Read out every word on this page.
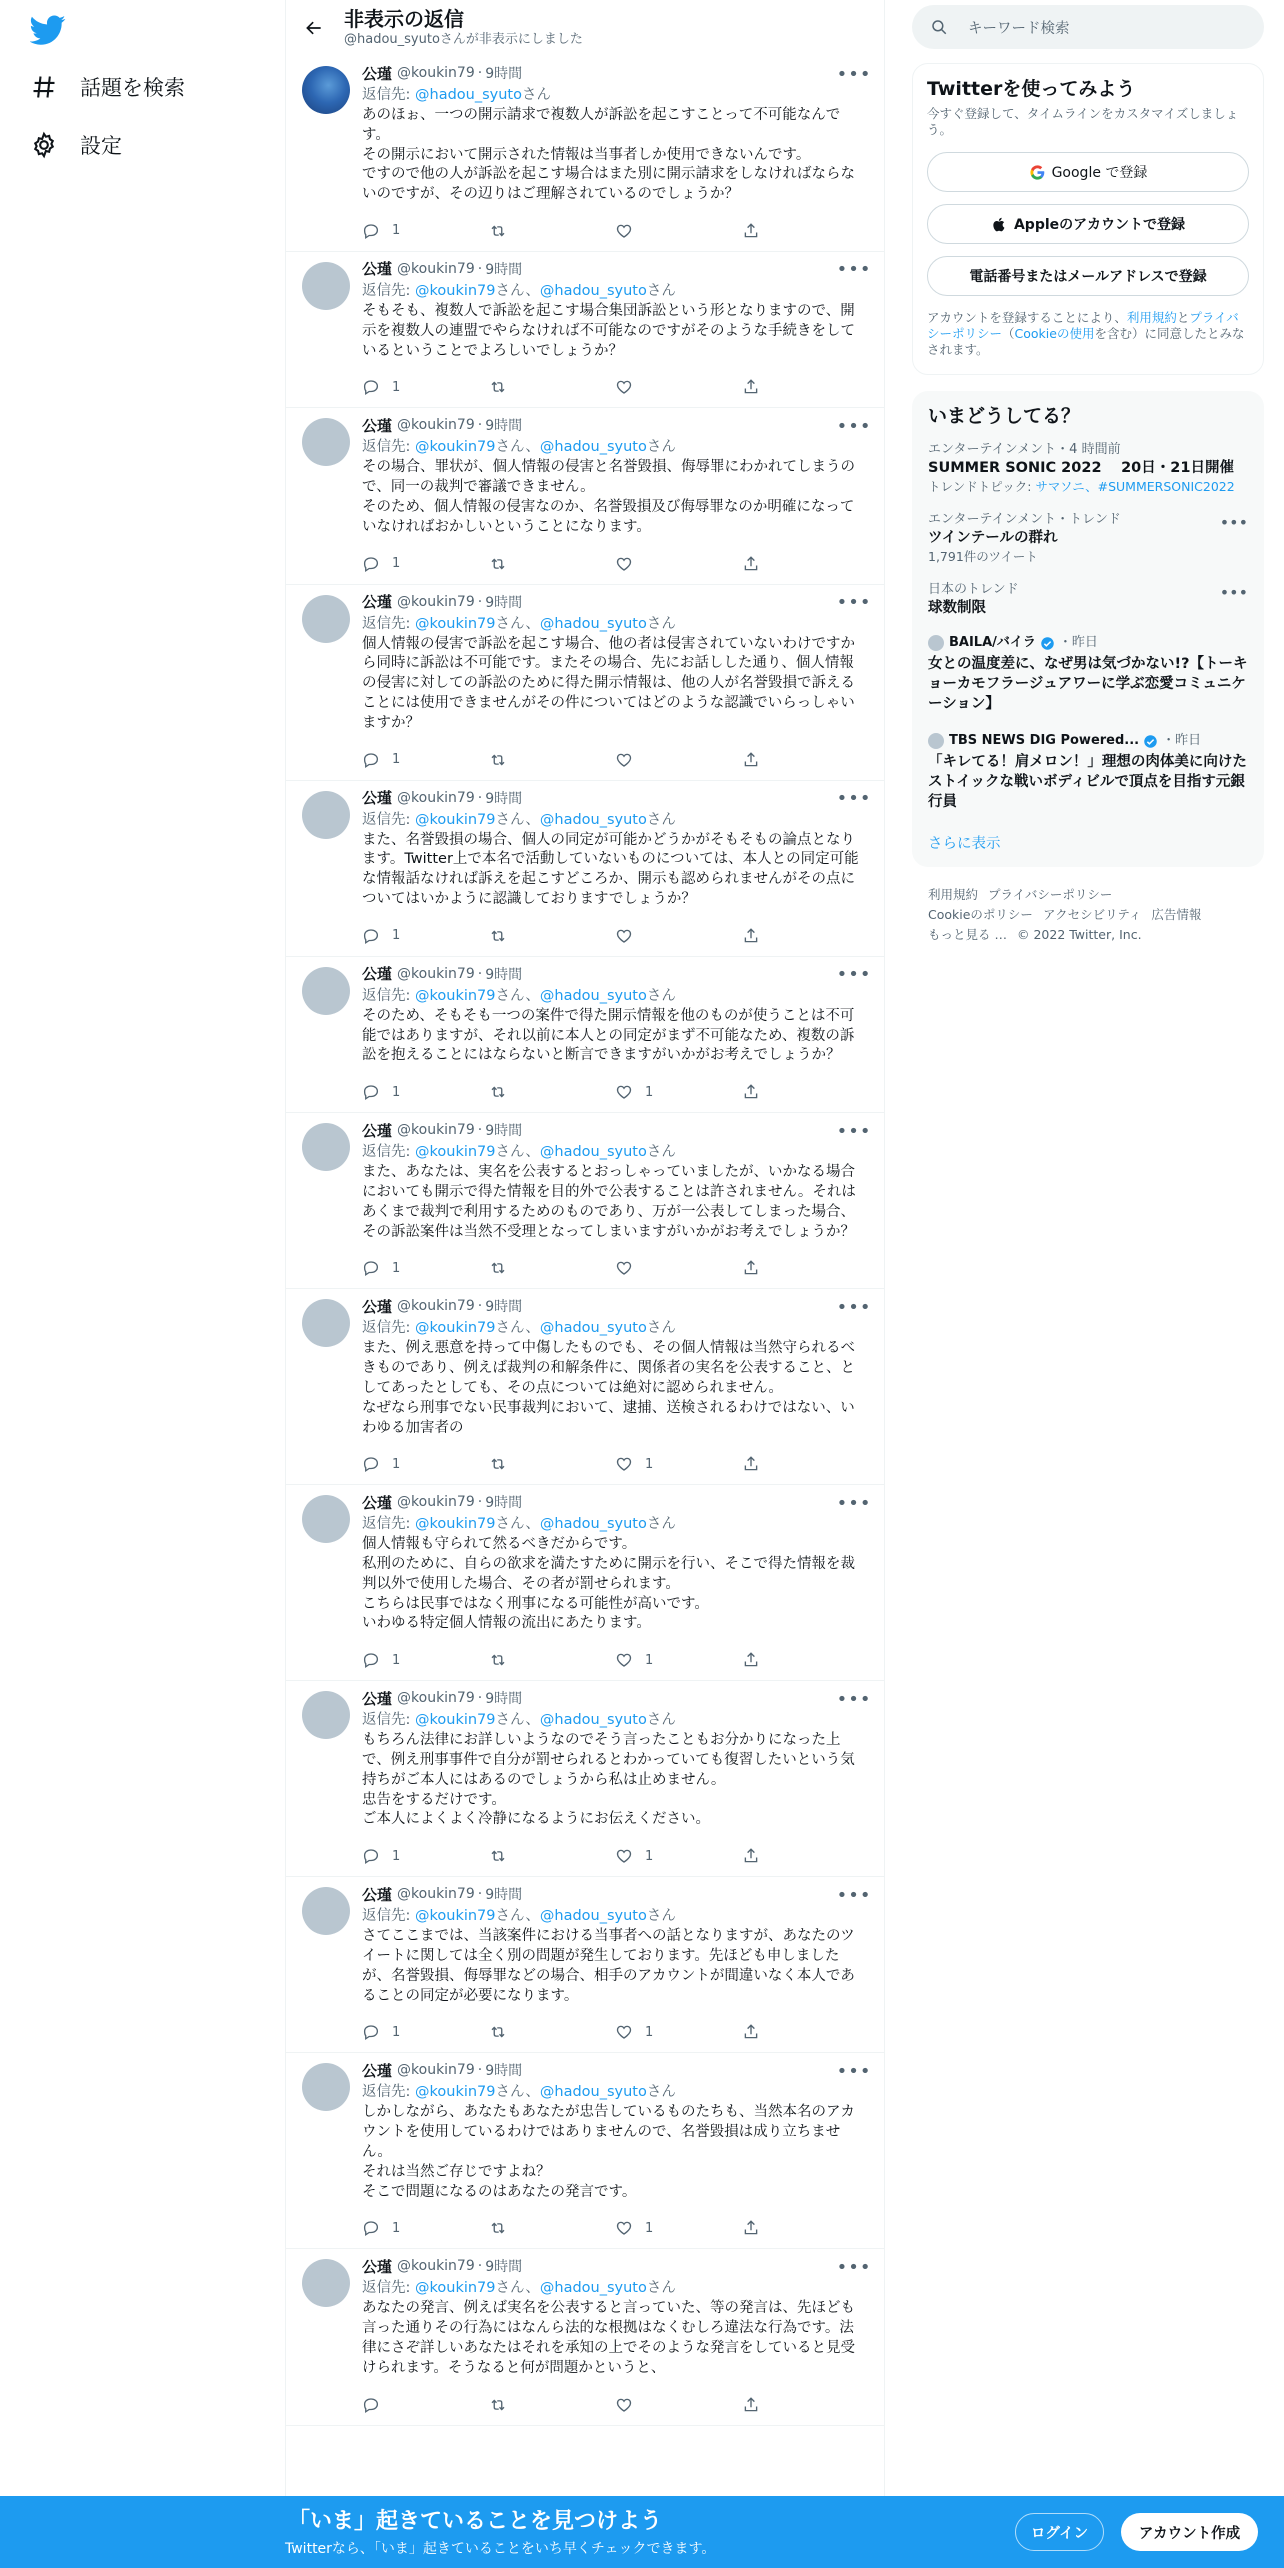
話題を検索
設定
非表示の返信
@hadou_syutoさんが非表示にしました
•••
公瑾 @koukin79 · 9時間
返信先: @hadou_syutoさん
あのほぉ、一つの開示請求で複数人が訴訟を起こすことって不可能なんです。
その開示において開示された情報は当事者しか使用できないんです。
ですので他の人が訴訟を起こす場合はまた別に開示請求をしなければならないのですが、その辺りはご理解されているのでしょうか？
1
•••
公瑾 @koukin79 · 9時間
返信先: @koukin79さん、@hadou_syutoさん
そもそも、複数人で訴訟を起こす場合集団訴訟という形となりますので、開示を複数人の連盟でやらなければ不可能なのですがそのような手続きをしているということでよろしいでしょうか？
1
•••
公瑾 @koukin79 · 9時間
返信先: @koukin79さん、@hadou_syutoさん
その場合、罪状が、個人情報の侵害と名誉毀損、侮辱罪にわかれてしまうので、同一の裁判で審議できません。
そのため、個人情報の侵害なのか、名誉毀損及び侮辱罪なのか明確になっていなければおかしいということになります。
1
•••
公瑾 @koukin79 · 9時間
返信先: @koukin79さん、@hadou_syutoさん
個人情報の侵害で訴訟を起こす場合、他の者は侵害されていないわけですから同時に訴訟は不可能です。またその場合、先にお話しした通り、個人情報の侵害に対しての訴訟のために得た開示情報は、他の人が名誉毀損で訴えることには使用できませんがその件についてはどのような認識でいらっしゃいますか？
1
•••
公瑾 @koukin79 · 9時間
返信先: @koukin79さん、@hadou_syutoさん
また、名誉毀損の場合、個人の同定が可能かどうかがそもそもの論点となります。Twitter上で本名で活動していないものについては、本人との同定可能な情報話なければ訴えを起こすどころか、開示も認められませんがその点についてはいかように認識しておりますでしょうか？
1
•••
公瑾 @koukin79 · 9時間
返信先: @koukin79さん、@hadou_syutoさん
そのため、そもそも一つの案件で得た開示情報を他のものが使うことは不可能ではありますが、それ以前に本人との同定がまず不可能なため、複数の訴訟を抱えることにはならないと断言できますがいかがお考えでしょうか？
1	1
•••
公瑾 @koukin79 · 9時間
返信先: @koukin79さん、@hadou_syutoさん
また、あなたは、実名を公表するとおっしゃっていましたが、いかなる場合においても開示で得た情報を目的外で公表することは許されません。それはあくまで裁判で利用するためのものであり、万が一公表してしまった場合、その訴訟案件は当然不受理となってしまいますがいかがお考えでしょうか？
1
•••
公瑾 @koukin79 · 9時間
返信先: @koukin79さん、@hadou_syutoさん
また、例え悪意を持って中傷したものでも、その個人情報は当然守られるべきものであり、例えば裁判の和解条件に、関係者の実名を公表すること、としてあったとしても、その点については絶対に認められません。
なぜなら刑事でない民事裁判において、逮捕、送検されるわけではない、いわゆる加害者の
1	1
•••
公瑾 @koukin79 · 9時間
返信先: @koukin79さん、@hadou_syutoさん
個人情報も守られて然るべきだからです。
私刑のために、自らの欲求を満たすために開示を行い、そこで得た情報を裁判以外で使用した場合、その者が罰せられます。
こちらは民事ではなく刑事になる可能性が高いです。
いわゆる特定個人情報の流出にあたります。
1	1
•••
公瑾 @koukin79 · 9時間
返信先: @koukin79さん、@hadou_syutoさん
もちろん法律にお詳しいようなのでそう言ったこともお分かりになった上で、例え刑事事件で自分が罰せられるとわかっていても復習したいという気持ちがご本人にはあるのでしょうから私は止めません。
忠告をするだけです。
ご本人によくよく冷静になるようにお伝えください。
1	1
•••
公瑾 @koukin79 · 9時間
返信先: @koukin79さん、@hadou_syutoさん
さてここまでは、当該案件における当事者への話となりますが、あなたのツイートに関しては全く別の問題が発生しております。先ほども申しましたが、名誉毀損、侮辱罪などの場合、相手のアカウントが間違いなく本人であることの同定が必要になります。
1	1
•••
公瑾 @koukin79 · 9時間
返信先: @koukin79さん、@hadou_syutoさん
しかしながら、あなたもあなたが忠告しているものたちも、当然本名のアカウントを使用しているわけではありませんので、名誉毀損は成り立ちません。
それは当然ご存じですよね？
そこで問題になるのはあなたの発言です。
1	1
•••
公瑾 @koukin79 · 9時間
返信先: @koukin79さん、@hadou_syutoさん
あなたの発言、例えば実名を公表すると言っていた、等の発言は、先ほども言った通りその行為にはなんら法的な根拠はなくむしろ違法な行為です。法律にさぞ詳しいあなたはそれを承知の上でそのような発言をしていると見受けられます。そうなると何が問題かというと、
キーワード検索
Twitterを使ってみよう
今すぐ登録して、タイムラインをカスタマイズしましょう。
Google で登録
Appleのアカウントで登録
電話番号またはメールアドレスで登録
アカウントを登録することにより、利用規約とプライバシーポリシー（Cookieの使用を含む）に同意したとみなされます。
いまどうしてる？
エンターテインメント・4 時間前
SUMMER SONIC 2022　 20日・21日開催
トレンドトピック: サマソニ、#SUMMERSONIC2022
エンターテインメント・トレンド
ツインテールの群れ
1,791件のツイート
•••
日本のトレンド
球数制限
•••
BAILA/バイラ ・昨日
女との温度差に、なぜ男は気づかない!?【トーキョーカモフラージュアワーに学ぶ恋愛コミュニケーション】
TBS NEWS DIG Powered... ・昨日
「キレてる！肩メロン！」理想の肉体美に向けたストイックな戦いボディビルで頂点を目指す元銀行員
さらに表示
利用規約 プライバシーポリシー
Cookieのポリシー アクセシビリティ 広告情報
もっと見る … © 2022 Twitter, Inc.
「いま」起きていることを見つけよう
Twitterなら、「いま」起きていることをいち早くチェックできます。
ログイン	アカウント作成
